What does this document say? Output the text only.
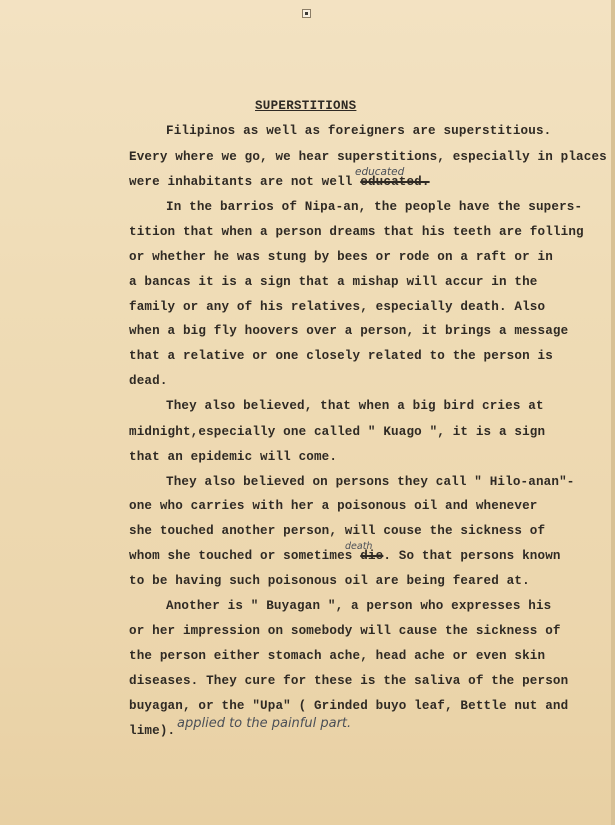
SUPERSTITIONS
Filipinos as well as foreigners are superstitious.
Every where we go, we hear superstitions, especially in places
were inhabitants are not well educated.
educated
In the barrios of Nipa-an, the people have the supers-
tition that when a person dreams that his teeth are folling
or whether he was stung by bees or rode on a raft or in
a bancas it is a sign that a mishap will accur in the
family or any of his relatives, especially death. Also
when a big fly hoovers over a person, it brings a message
that a relative or one closely related to the person is
dead.
They also believed, that when a big bird cries at
midnight,especially one called " Kuago ", it is a sign
that an epidemic will come.
They also believed on persons they call " Hilo-anan"-
one who carries with her a poisonous oil and whenever
she touched another person, will couse the sickness of
whom she touched or sometimes die. So that persons known
death
to be having such poisonous oil are being feared at.
Another is " Buyagan ", a person who expresses his
or her impression on somebody will cause the sickness of
the person either stomach ache, head ache or even skin
diseases. They cure for these is the saliva of the person
buyagan, or the "Upa" ( Grinded buyo leaf, Bettle nut and
lime). applied to the painful part.
